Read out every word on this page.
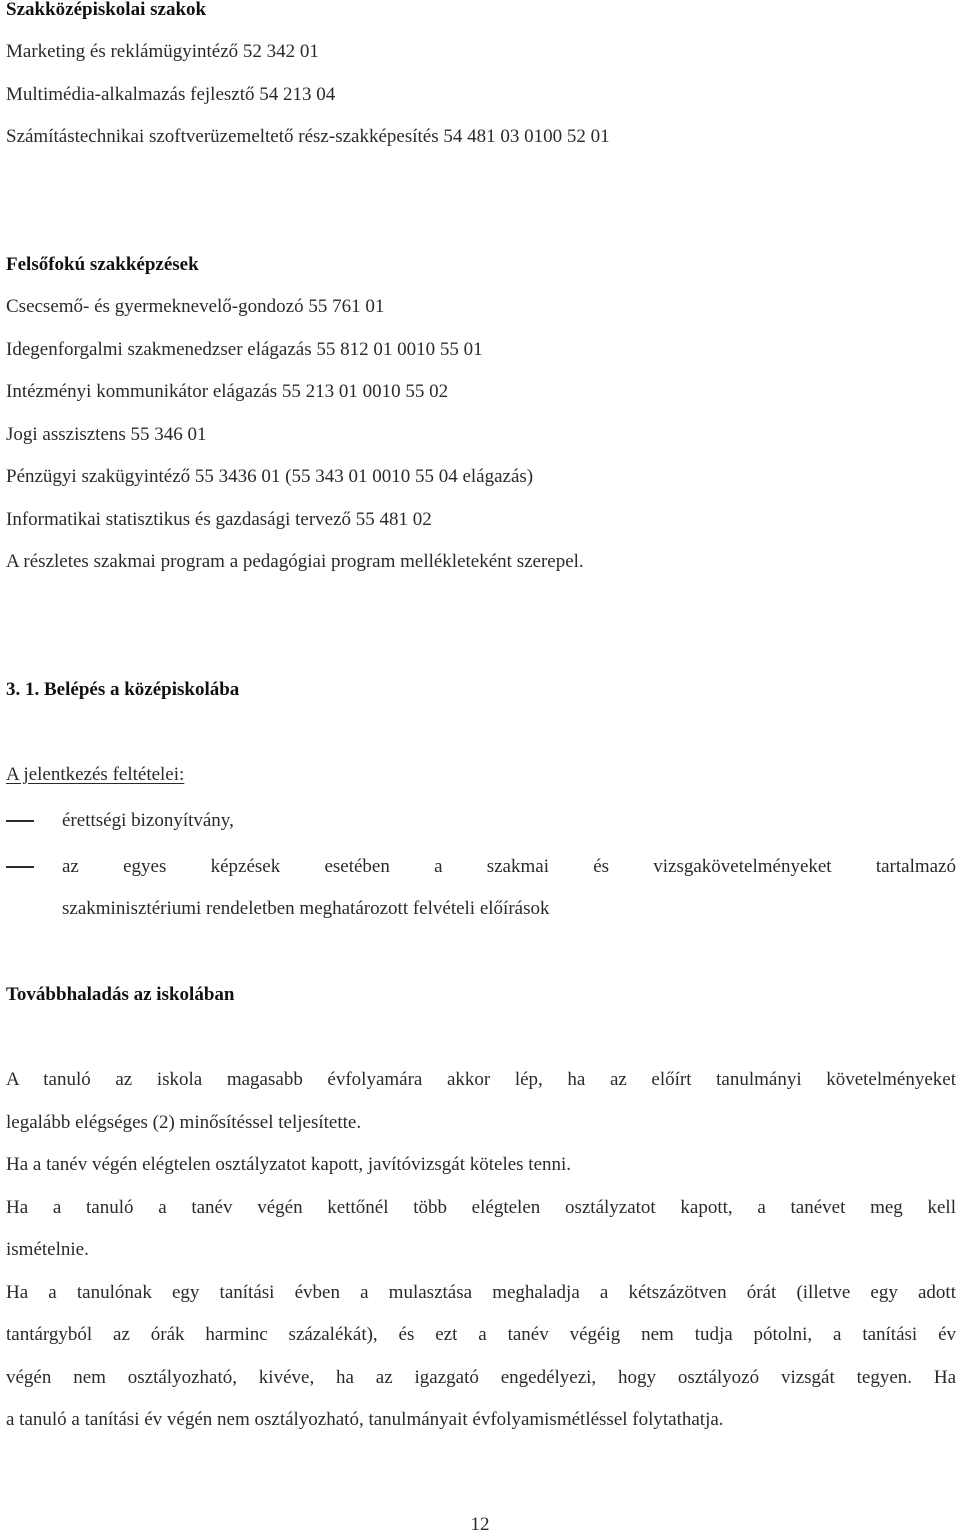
Szakközépiskolai szakok
Marketing és reklámügyintéző 52 342 01
Multimédia-alkalmazás fejlesztő 54 213 04
Számítástechnikai szoftverüzemeltető rész-szakképesítés 54 481 03 0100 52 01
Felsőfokú szakképzések
Csecsemő- és gyermeknevelő-gondozó 55 761 01
Idegenforgalmi szakmenedzser elágazás 55 812 01 0010 55 01
Intézményi kommunikátor elágazás 55 213 01 0010 55 02
Jogi asszisztens 55 346 01
Pénzügyi szakügyintéző 55 3436 01 (55 343 01 0010 55 04 elágazás)
Informatikai statisztikus és gazdasági tervező 55 481 02
A részletes szakmai program a pedagógiai program mellékleteként szerepel.
3. 1. Belépés a középiskolába
A jelentkezés feltételei:
érettségi bizonyítvány,
az egyes képzések esetében a szakmai és vizsgakövetelményeket tartalmazó
szakminisztériumi rendeletben meghatározott felvételi előírások
Továbbhaladás az iskolában
A tanuló az iskola magasabb évfolyamára akkor lép, ha az előírt tanulmányi követelményeket
legalább elégséges (2) minősítéssel teljesítette.
Ha a tanév végén elégtelen osztályzatot kapott, javítóvizsgát köteles tenni.
Ha a tanuló a tanév végén kettőnél több elégtelen osztályzatot kapott, a tanévet meg kell
ismételnie.
Ha a tanulónak egy tanítási évben a mulasztása meghaladja a kétszázötven órát (illetve egy adott
tantárgyból az órák harminc százalékát), és ezt a tanév végéig nem tudja pótolni, a tanítási év
végén nem osztályozható, kivéve, ha az igazgató engedélyezi, hogy osztályozó vizsgát tegyen. Ha
a tanuló a tanítási év végén nem osztályozható, tanulmányait évfolyamismétléssel folytathatja.
12
